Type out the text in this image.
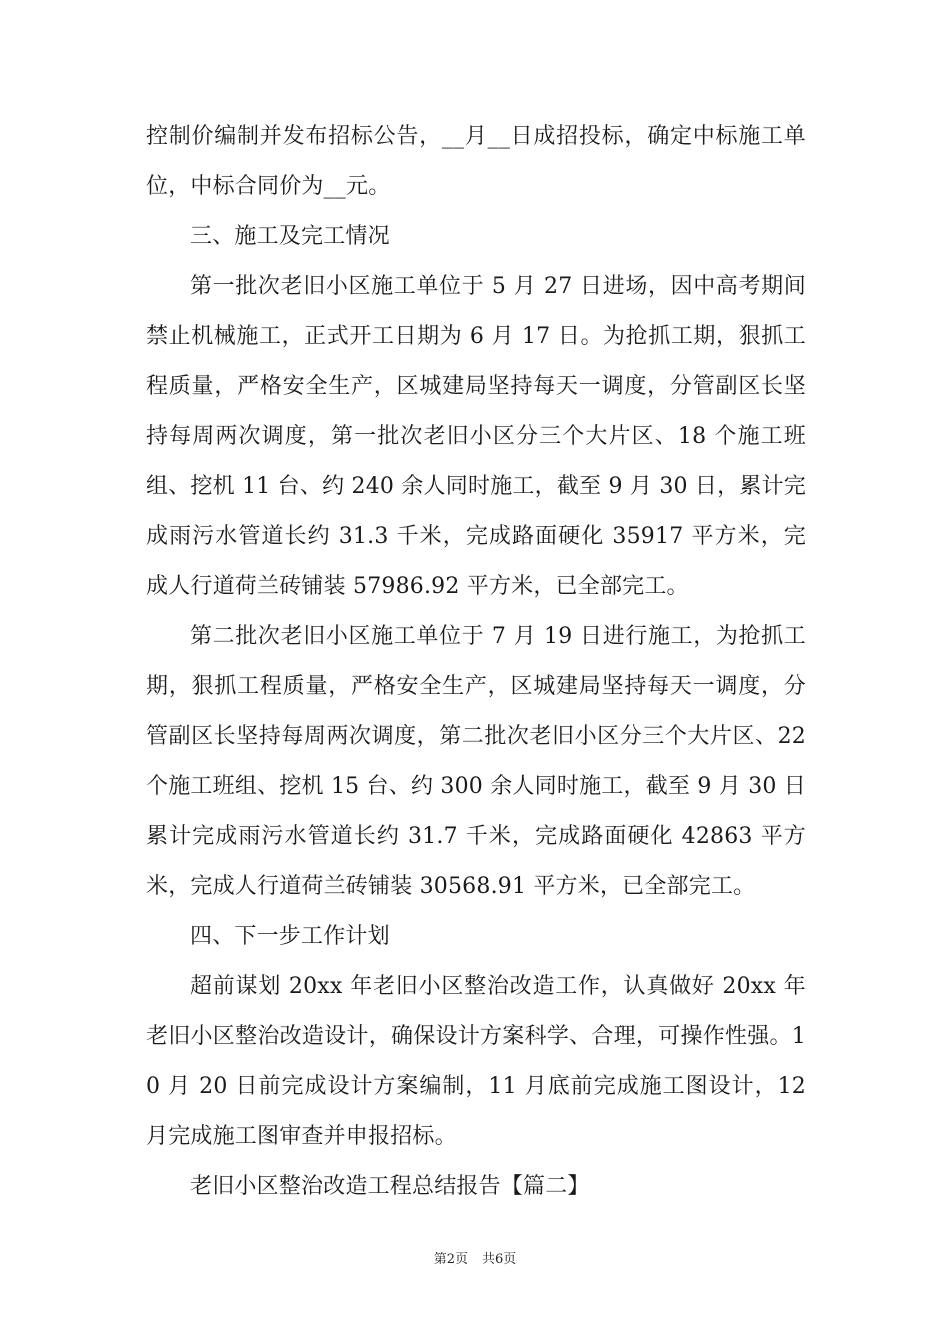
控制价编制并发布招标公告，__月__日成招投标，确定中标施工单位，中标合同价为__元。

三、施工及完工情况

第一批次老旧小区施工单位于 5 月 27 日进场，因中高考期间禁止机械施工，正式开工日期为 6 月 17 日。为抢抓工期，狠抓工程质量，严格安全生产，区城建局坚持每天一调度，分管副区长坚持每周两次调度，第一批次老旧小区分三个大片区、18 个施工班组、挖机 11 台、约 240 余人同时施工，截至 9 月 30 日，累计完成雨污水管道长约 31.3 千米，完成路面硬化 35917 平方米，完成人行道荷兰砖铺装 57986.92 平方米，已全部完工。

第二批次老旧小区施工单位于 7 月 19 日进行施工，为抢抓工期，狠抓工程质量，严格安全生产，区城建局坚持每天一调度，分管副区长坚持每周两次调度，第二批次老旧小区分三个大片区、22 个施工班组、挖机 15 台、约 300 余人同时施工，截至 9 月 30 日累计完成雨污水管道长约 31.7 千米，完成路面硬化 42863 平方米，完成人行道荷兰砖铺装 30568.91 平方米，已全部完工。

四、下一步工作计划

超前谋划 20xx 年老旧小区整治改造工作，认真做好 20xx 年老旧小区整治改造设计，确保设计方案科学、合理，可操作性强。10 月 20 日前完成设计方案编制，11 月底前完成施工图设计，12 月完成施工图审查并申报招标。

老旧小区整治改造工程总结报告【篇二】

第2页 共6页
